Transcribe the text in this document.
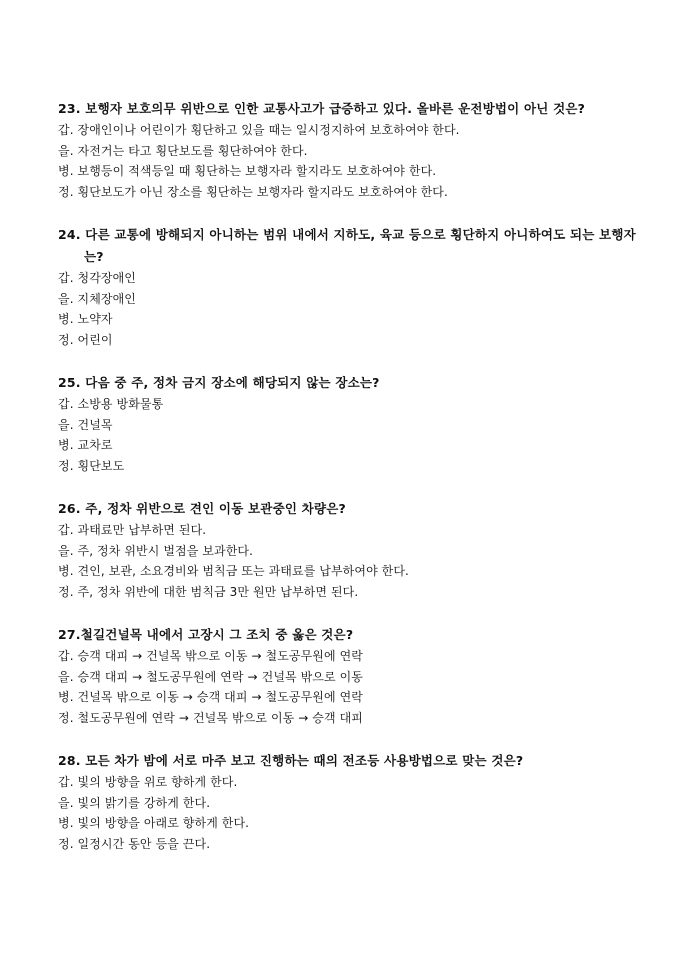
23. 보행자 보호의무 위반으로 인한 교통사고가 급증하고 있다. 올바른 운전방법이 아닌 것은?
갑. 장애인이나 어린이가 횡단하고 있을 때는 일시정지하여 보호하여야 한다.
을. 자전거는 타고 횡단보도를 횡단하여야 한다.
병. 보행등이 적색등일 때 횡단하는 보행자라 할지라도 보호하여야 한다.
정. 횡단보도가 아닌 장소를 횡단하는 보행자라 할지라도 보호하여야 한다.
24. 다른 교통에 방해되지 아니하는 범위 내에서 지하도, 육교 등으로 횡단하지 아니하여도 되는 보행자는?
갑. 청각장애인
을. 지체장애인
병. 노약자
정. 어린이
25. 다음 중 주, 정차 금지 장소에 해당되지 않는 장소는?
갑. 소방용 방화물통
을. 건널목
병. 교차로
정. 횡단보도
26. 주, 정차 위반으로 견인 이동 보관중인 차량은?
갑. 과태료만 납부하면 된다.
을. 주, 정차 위반시 벌점을 보과한다.
병. 견인, 보관, 소요경비와 범칙금 또는 과태료를 납부하여야 한다.
정. 주, 정차 위반에 대한 범칙금 3만 원만 납부하면 된다.
27.철길건널목 내에서 고장시 그 조치 중 옳은 것은?
갑. 승객 대피 → 건널목 밖으로 이동 → 철도공무원에 연락
을. 승객 대피 → 철도공무원에 연락 → 건널목 밖으로 이동
병. 건널목 밖으로 이동 → 승객 대피 → 철도공무원에 연락
정. 철도공무원에 연락 → 건널목 밖으로 이동 → 승객 대피
28. 모든 차가 밤에 서로 마주 보고 진행하는 때의 전조등 사용방법으로 맞는 것은?
갑. 빛의 방향을 위로 향하게 한다.
을. 빛의 밝기를 강하게 한다.
병. 빛의 방향을 아래로 향하게 한다.
정. 일정시간 동안 등을 끈다.
